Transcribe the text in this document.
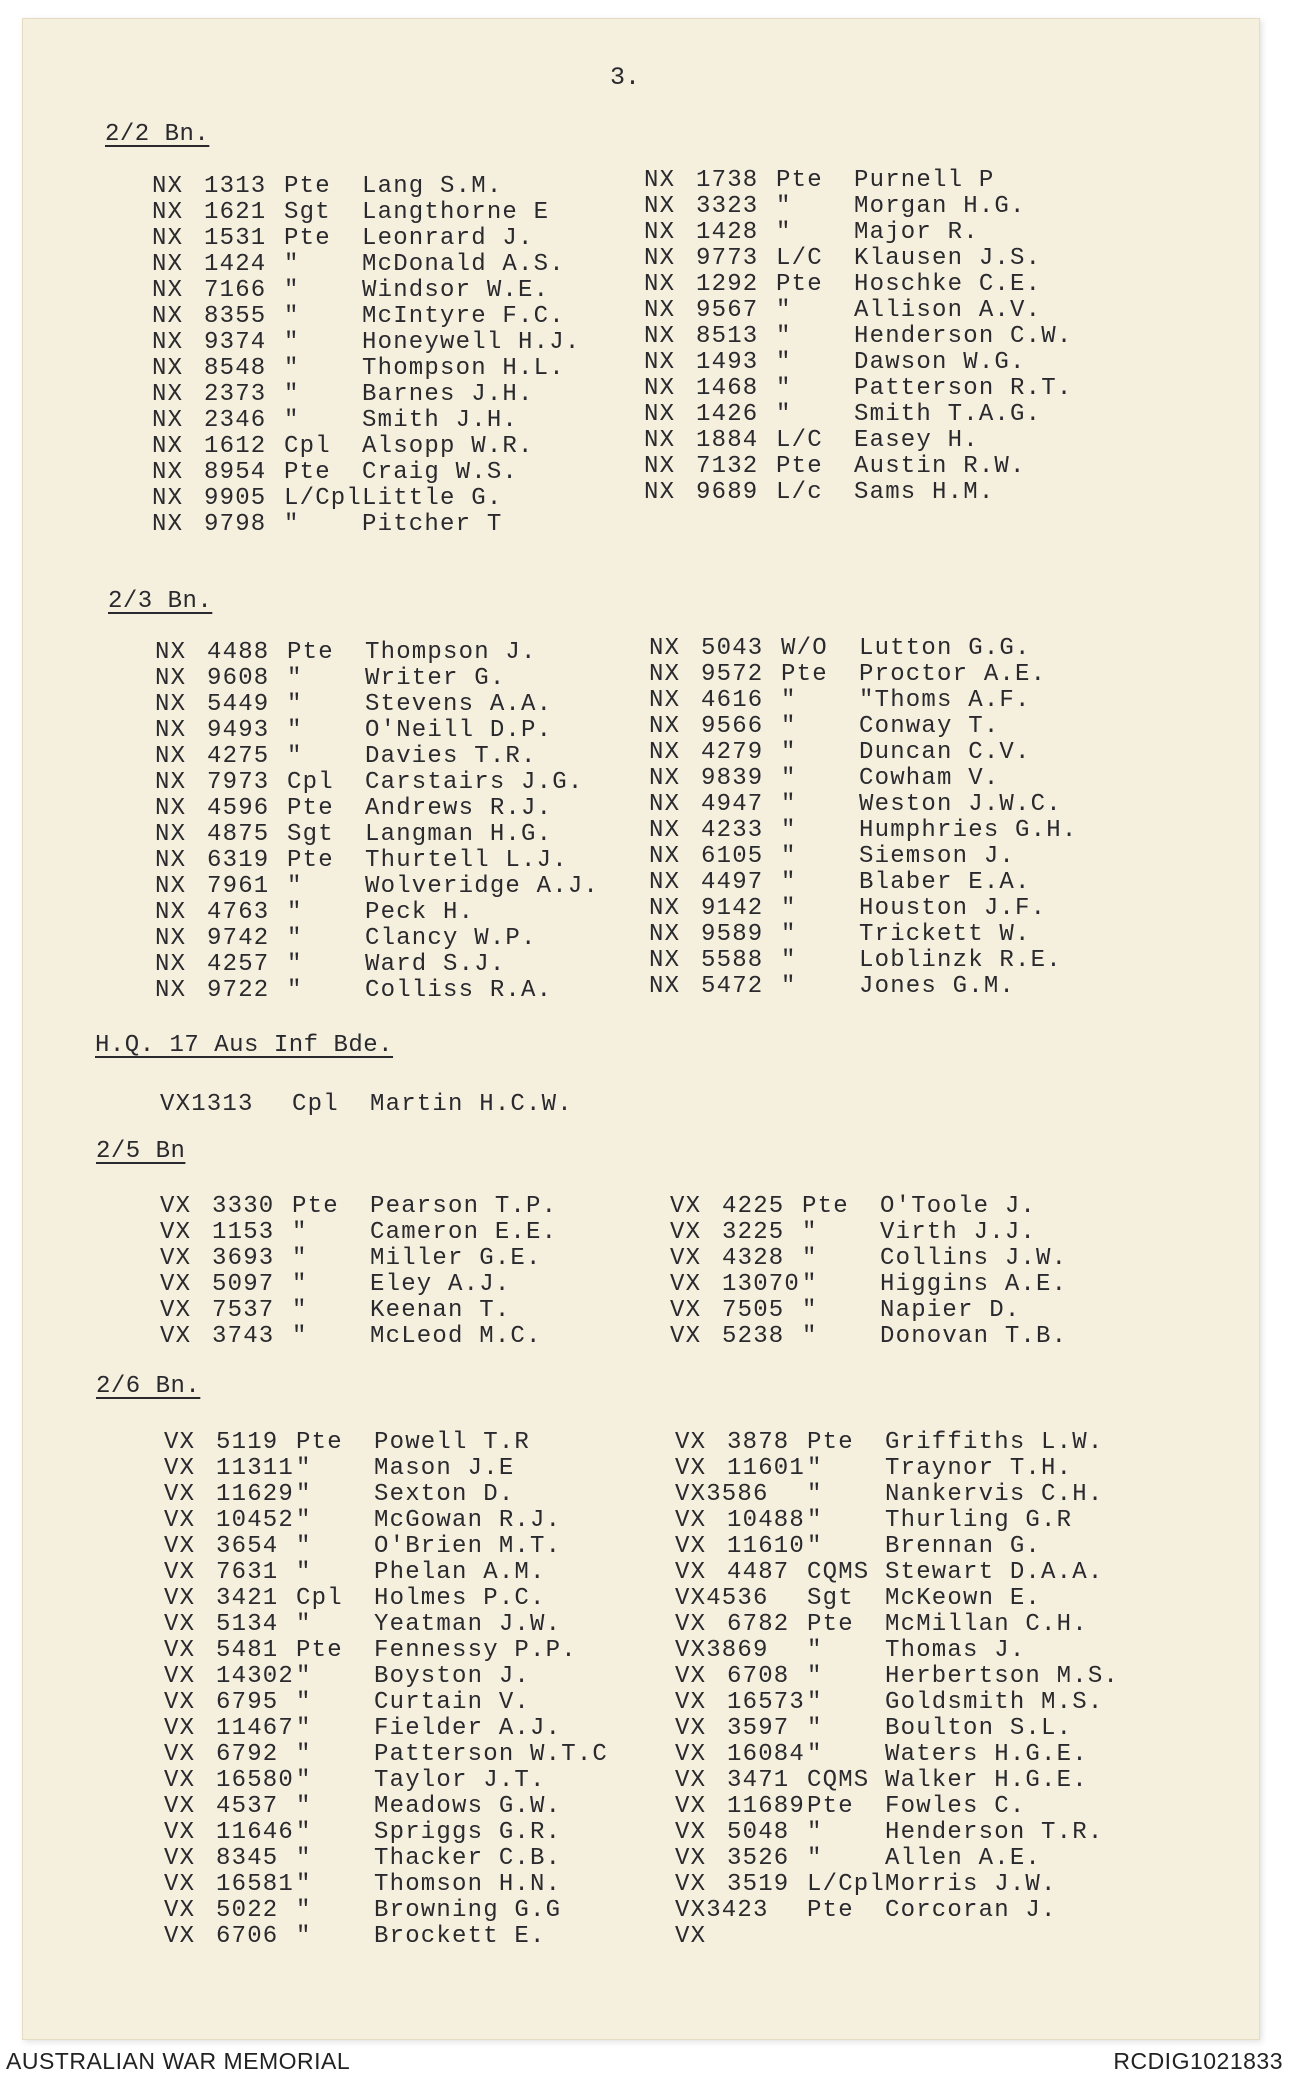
3.
2/2 Bn.
NX 1313 Pte Lang S.M.
NX 1621 Sgt Langthorne E
NX 1531 Pte Leonrard J.
NX 1424 "	McDonald A.S.
NX 7166 "	Windsor W.E.
NX 8355 "	McIntyre F.C.
NX 9374 "	Honeywell H.J.
NX 8548 "	Thompson H.L.
NX 2373 "	Barnes J.H.
NX 2346 "	Smith J.H.
NX 1612 Cpl Alsopp W.R.
NX 8954 Pte Craig W.S.
NX 9905 L/CplLittle G.
NX 9798 "	Pitcher T
NX 1738 Pte Purnell P
NX 3323 "	Morgan H.G.
NX 1428 "	Major R.
NX 9773 L/C Klausen J.S.
NX 1292 Pte Hoschke C.E.
NX 9567 "	Allison A.V.
NX 8513 "	Henderson C.W.
NX 1493 "	Dawson W.G.
NX 1468 "	Patterson R.T.
NX 1426 "	Smith T.A.G.
NX 1884 L/C Easey H.
NX 7132 Pte Austin R.W.
NX 9689 L/c Sams H.M.
2/3 Bn.
NX 4488 Pte Thompson J.
NX 9608 "	Writer G.
NX 5449 "	Stevens A.A.
NX 9493 "	O'Neill D.P.
NX 4275 "	Davies T.R.
NX 7973 Cpl Carstairs J.G.
NX 4596 Pte Andrews R.J.
NX 4875 Sgt Langman H.G.
NX 6319 Pte Thurtell L.J.
NX 7961 "	Wolveridge A.J.
NX 4763 "	Peck H.
NX 9742 "	Clancy W.P.
NX 4257 "	Ward S.J.
NX 9722 "	Colliss R.A.
NX 5043 W/O Lutton G.G.
NX 9572 Pte Proctor A.E.
NX 4616 "	"Thoms A.F.
NX 9566 "	Conway T.
NX 4279 "	Duncan C.V.
NX 9839 "	Cowham V.
NX 4947 "	Weston J.W.C.
NX 4233 "	Humphries G.H.
NX 6105 "	Siemson J.
NX 4497 "	Blaber E.A.
NX 9142 "	Houston J.F.
NX 9589 "	Trickett W.
NX 5588 "	Loblinzk R.E.
NX 5472 "	Jones G.M.
H.Q. 17 Aus Inf Bde.
VX1313 Cpl Martin H.C.W.
2/5 Bn
VX 3330 Pte Pearson T.P.
VX 1153 "	Cameron E.E.
VX 3693 "	Miller G.E.
VX 5097 "	Eley A.J.
VX 7537 "	Keenan T.
VX 3743 "	McLeod M.C.
VX 4225 Pte O'Toole J.
VX 3225 "	Virth J.J.
VX 4328 "	Collins J.W.
VX 13070"	Higgins A.E.
VX 7505 "	Napier D.
VX 5238 "	Donovan T.B.
2/6 Bn.
VX 5119 Pte Powell T.R
VX 11311"	Mason J.E
VX 11629"	Sexton D.
VX 10452"	McGowan R.J.
VX 3654 "	O'Brien M.T.
VX 7631 "	Phelan A.M.
VX 3421 Cpl Holmes P.C.
VX 5134 "	Yeatman J.W.
VX 5481 Pte Fennessy P.P.
VX 14302"	Boyston J.
VX 6795 "	Curtain V.
VX 11467"	Fielder A.J.
VX 6792 "	Patterson W.T.C
VX 16580"	Taylor J.T.
VX 4537 "	Meadows G.W.
VX 11646"	Spriggs G.R.
VX 8345 "	Thacker C.B.
VX 16581"	Thomson H.N.
VX 5022 "	Browning G.G
VX 6706 "	Brockett E.
VX 3878 Pte Griffiths L.W.
VX 11601"	Traynor T.H.
VX3586 "	Nankervis C.H.
VX 10488"	Thurling G.R
VX 11610"	Brennan G.
VX 4487 CQMS Stewart D.A.A.
VX4536 Sgt McKeown E.
VX 6782 Pte McMillan C.H.
VX3869 "	Thomas J.
VX 6708 "	Herbertson M.S.
VX 16573"	Goldsmith M.S.
VX 3597 "	Boulton S.L.
VX 16084"	Waters H.G.E.
VX 3471 CQMS Walker H.G.E.
VX 11689Pte Fowles C.
VX 5048 "	Henderson T.R.
VX 3526 "	Allen A.E.
VX 3519 L/CplMorris J.W.
VX3423 Pte Corcoran J.
VX
AUSTRALIAN WAR MEMORIAL	RCDIG1021833
